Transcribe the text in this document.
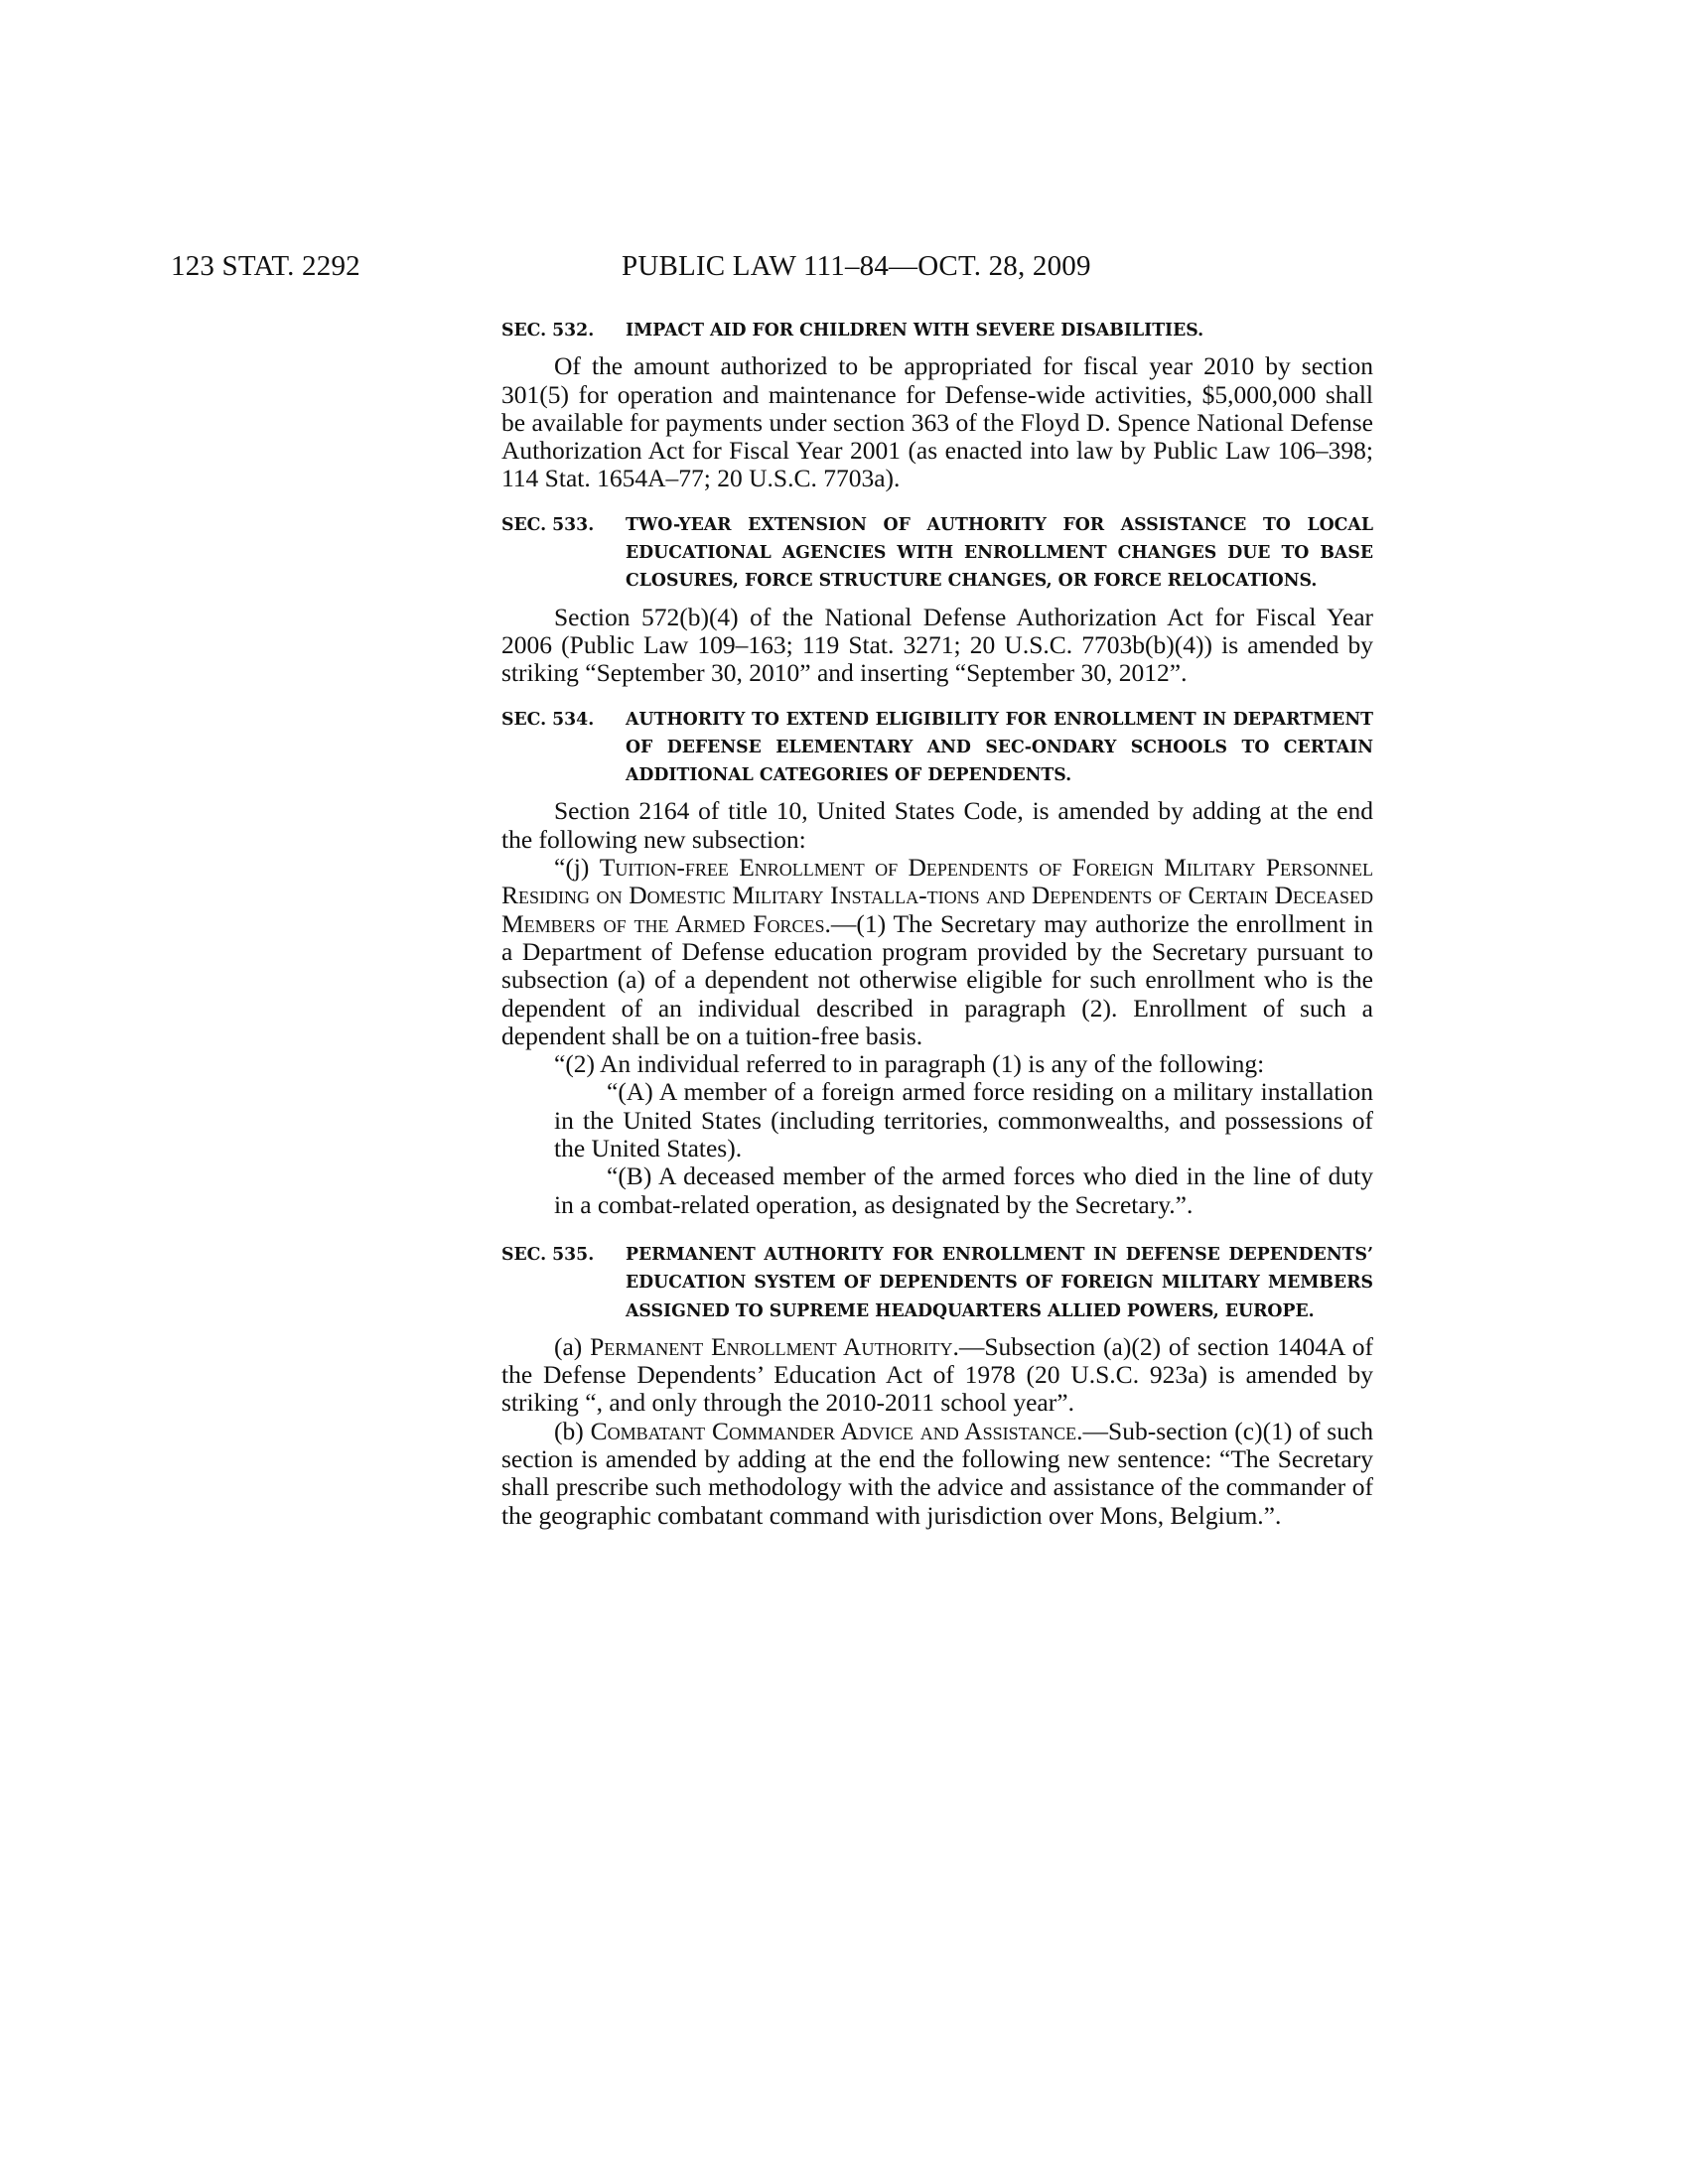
123 STAT. 2292	PUBLIC LAW 111–84—OCT. 28, 2009
SEC. 532. IMPACT AID FOR CHILDREN WITH SEVERE DISABILITIES.

Of the amount authorized to be appropriated for fiscal year 2010 by section 301(5) for operation and maintenance for Defense-wide activities, $5,000,000 shall be available for payments under section 363 of the Floyd D. Spence National Defense Authorization Act for Fiscal Year 2001 (as enacted into law by Public Law 106–398; 114 Stat. 1654A–77; 20 U.S.C. 7703a).

SEC. 533. TWO-YEAR EXTENSION OF AUTHORITY FOR ASSISTANCE TO LOCAL EDUCATIONAL AGENCIES WITH ENROLLMENT CHANGES DUE TO BASE CLOSURES, FORCE STRUCTURE CHANGES, OR FORCE RELOCATIONS.

Section 572(b)(4) of the National Defense Authorization Act for Fiscal Year 2006 (Public Law 109–163; 119 Stat. 3271; 20 U.S.C. 7703b(b)(4)) is amended by striking “September 30, 2010” and inserting “September 30, 2012”.

SEC. 534. AUTHORITY TO EXTEND ELIGIBILITY FOR ENROLLMENT IN DEPARTMENT OF DEFENSE ELEMENTARY AND SEC-ONDARY SCHOOLS TO CERTAIN ADDITIONAL CATEGORIES OF DEPENDENTS.

Section 2164 of title 10, United States Code, is amended by adding at the end the following new subsection:

“(j) Tuition-free Enrollment of Dependents of Foreign Military Personnel Residing on Domestic Military Installa-tions and Dependents of Certain Deceased Members of the Armed Forces.—(1) The Secretary may authorize the enrollment in a Department of Defense education program provided by the Secretary pursuant to subsection (a) of a dependent not otherwise eligible for such enrollment who is the dependent of an individual described in paragraph (2). Enrollment of such a dependent shall be on a tuition-free basis.

“(2) An individual referred to in paragraph (1) is any of the following:

“(A) A member of a foreign armed force residing on a military installation in the United States (including territories, commonwealths, and possessions of the United States).

“(B) A deceased member of the armed forces who died in the line of duty in a combat-related operation, as designated by the Secretary.”.

SEC. 535. PERMANENT AUTHORITY FOR ENROLLMENT IN DEFENSE DEPENDENTS’ EDUCATION SYSTEM OF DEPENDENTS OF FOREIGN MILITARY MEMBERS ASSIGNED TO SUPREME HEADQUARTERS ALLIED POWERS, EUROPE.

(a) Permanent Enrollment Authority.—Subsection (a)(2) of section 1404A of the Defense Dependents’ Education Act of 1978 (20 U.S.C. 923a) is amended by striking “, and only through the 2010-2011 school year”.

(b) Combatant Commander Advice and Assistance.—Sub-section (c)(1) of such section is amended by adding at the end the following new sentence: “The Secretary shall prescribe such methodology with the advice and assistance of the commander of the geographic combatant command with jurisdiction over Mons, Belgium.”.
